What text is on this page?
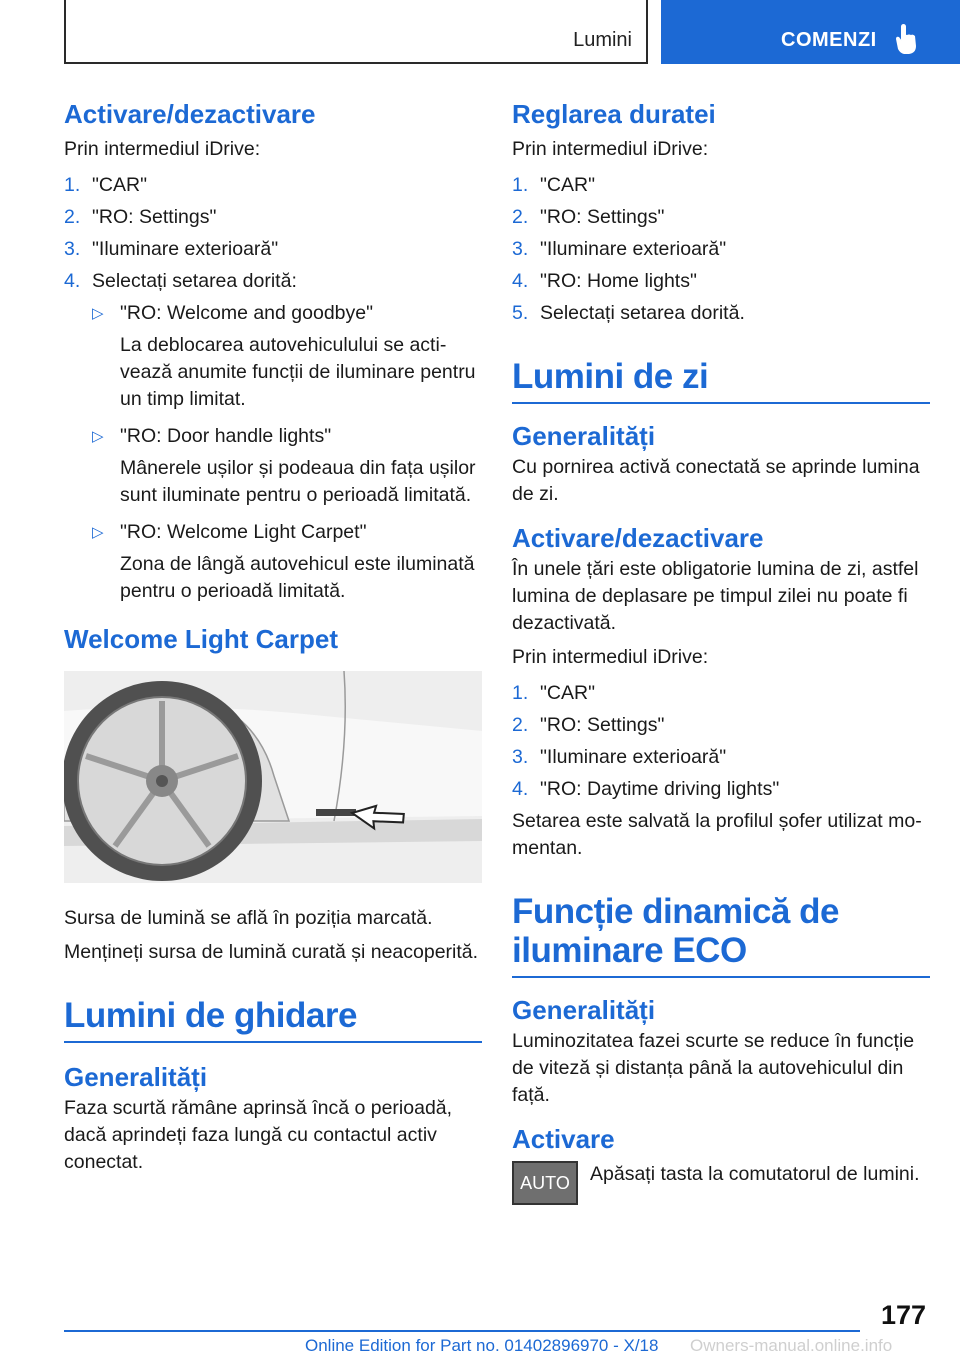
Lumini	COMENZI
Activare/dezactivare

Prin intermediul iDrive:

1. "CAR"
2. "RO: Settings"
3. "Iluminare exterioară"
4. Selectați setarea dorită:
▷ "RO: Welcome and goodbye"
La deblocarea autovehiculului se activează anumite funcții de iluminare pentru un timp limitat.
▷ "RO: Door handle lights"
Mânerele ușilor și podeaua din fața ușilor sunt iluminate pentru o perioadă limitată.
▷ "RO: Welcome Light Carpet"
Zona de lângă autovehicul este iluminată pentru o perioadă limitată.
Welcome Light Carpet

Sursa de lumină se află în poziția marcată.

Mențineți sursa de lumină curată și neacoperită.

Lumini de ghidare
Generalități

Faza scurtă rămâne aprinsă încă o perioadă, dacă aprindeți faza lungă cu contactul activ conectat.

Reglarea duratei

Prin intermediul iDrive:

1. "CAR"
2. "RO: Settings"
3. "Iluminare exterioară"
4. "RO: Home lights"
5. Selectați setarea dorită.
Lumini de zi
Generalități

Cu pornirea activă conectată se aprinde lumina de zi.

Activare/dezactivare

În unele țări este obligatorie lumina de zi, astfel lumina de deplasare pe timpul zilei nu poate fi dezactivată.

Prin intermediul iDrive:

1. "CAR"
2. "RO: Settings"
3. "Iluminare exterioară"
4. "RO: Daytime driving lights"

Setarea este salvată la profilul șofer utilizat momentan.

Funcție dinamică de iluminare ECO
Generalități

Luminozitatea fazei scurte se reduce în funcție de viteză și distanța până la autovehiculul din față.

Activare
AUTO Apăsați tasta la comutatorul de lumini.
177
Online Edition for Part no. 01402896970 - X/18 Owners-manual.online.info
